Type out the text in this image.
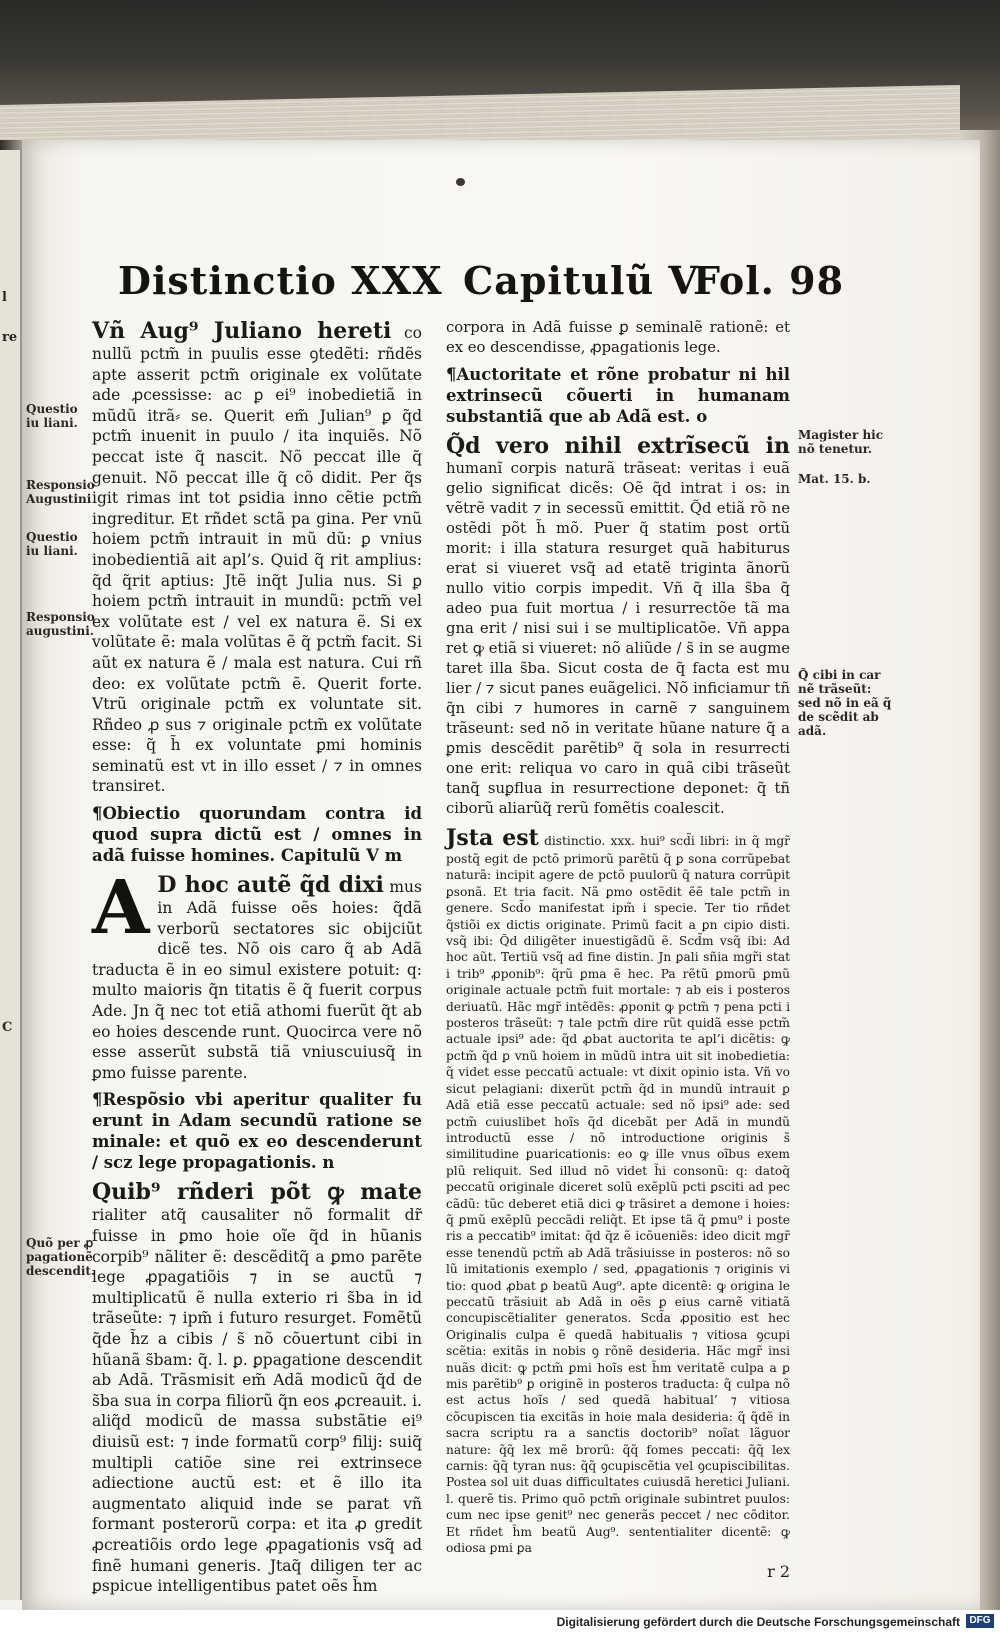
l
re
C
Distinctio XXX Capitulũ V
Fol. 98
Questio iu liani.
Responsio Augustini
Questio iu liani.
Responsio augustini.
Quõ per ꝓ pagationẽ descendit.
Magister hic nõ tenetur.
Mat. 15. b.
Q̃ cibi in car nẽ trãseũt: sed nõ in eã q̃ de scẽdit ab adã.

Vñ Aug⁹ Juliano hereti co nullũ pctm̃ in puulis esse ꝯtedẽti: rñdẽs apte asserit pctm̃ originale ex volũtate ade ꝓcessisse: ac ꝑ ei⁹ inobedietiã in mũdũ itrã⸗ se. Querit em̃ Julian⁹ ꝑ q̃d pctm̃ inuenit in puulo / ita inquiẽs. Nõ peccat iste q̃ nascit. Nõ peccat ille q̃ genuit. Nõ peccat ille q̃ cõ didit. Per q̃s igit rimas int tot ꝑsidia inno cẽtie pctm̃ ingreditur. Et rñdet sctã pa gina. Per vnũ hoiem pctm̃ intrauit in mũ dũ: ꝑ vnius inobedientiã ait apl’s. Quid q̃ rit amplius: q̃d q̃rit aptius: Jtẽ inq̃t Julia nus. Si ꝑ hoiem pctm̃ intrauit in mundũ: pctm̃ vel ex volũtate est / vel ex natura ẽ. Si ex volũtate ẽ: mala volũtas ẽ q̃ pctm̃ facit. Si aũt ex natura ẽ / mala est natura. Cui rñ deo: ex volũtate pctm̃ ẽ. Querit forte. Vtrũ originale pctm̃ ex voluntate sit. Rñdeo ꝓ sus ⁊ originale pctm̃ ex volũtate esse: q̃ h̃ ex voluntate ꝑmi hominis seminatũ est vt in illo esset / ⁊ in omnes transiret.

¶Obiectio quorundam contra id quod supra dictũ est / omnes in adã fuisse homines. Capitulũ V m

A D hoc autẽ q̃d dixi mus in Adã fuisse oẽs hoies: q̃dã verborũ sectatores sic obijciũt dicẽ tes. Nõ ois caro q̃ ab Adã traducta ẽ in eo simul existere potuit: q: multo maioris q̃n titatis ẽ q̃ fuerit corpus Ade. Jn q̃ nec tot etiã athomi fuerũt q̃t ab eo hoies descende runt. Quocirca vere nõ esse asserũt substã tiã vniuscuiusq̃ in ꝑmo fuisse parente.

¶Respõsio vbi aperitur qualiter fu erunt in Adam secundũ ratione se minale: et quõ ex eo descenderunt / scz lege propagationis. n

Quib⁹ rñderi põt ꝙ mate rialiter atq̃ causaliter nõ formalit dr̃ fuisse in ꝑmo hoie oĩe q̃d in hũanis corpib⁹ nãliter ẽ: descẽditq̃ a ꝑmo parẽte lege ꝓpagatiõis ⁊ in se auctũ ⁊ multiplicatũ ẽ nulla exterio ri s̃ba in id trãseũte: ⁊ ipm̃ i futuro resurget. Fomẽtũ q̃de h̃z a cibis / s̃ nõ cõuertunt cibi in hũanã s̃bam: q̃. l. ꝑ. ꝑpagatione descendit ab Adã. Trãsmisit em̃ Adã modicũ q̃d de s̃ba sua in corpa filiorũ q̃n eos ꝓcreauit. i. aliq̃d modicũ de massa substãtie ei⁹ diuisũ est: ⁊ inde formatũ corp⁹ filij: suiq̃ multipli catiõe sine rei extrinsece adiectione auctũ est: et ẽ illo ita augmentato aliquid inde se parat vñ formant posterorũ corpa: et ita ꝓ gredit ꝓcreatiõis ordo lege ꝓpagationis vsq̃ ad finẽ humani generis. Jtaq̃ diligen ter ac ꝑspicue intelligentibus patet oẽs h̃m

corpora in Adã fuisse ꝑ seminalẽ rationẽ: et ex eo descendisse, ꝓpagationis lege.

¶Auctoritate et rõne probatur ni hil extrinsecũ cõuerti in humanam substantiã que ab Adã est. o

Q̃d vero nihil extrĩsecũ in humanĩ corpis naturã trãseat: veritas i euã gelio significat dicẽs: Oẽ q̃d intrat i os: in vẽtrẽ vadit ⁊ in secessũ emittit. Q̃d etiã rõ ne ostẽdi põt h̃ mõ. Puer q̃ statim post ortũ morit: i illa statura resurget quã habiturus erat si viueret vsq̃ ad etatẽ triginta ãnorũ nullo vitio corpis impedit. Vñ q̃ illa s̃ba q̃ adeo pua fuit mortua / i resurrectõe tã ma gna erit / nisi sui i se multiplicatõe. Vñ appa ret ꝙ etiã si viueret: nõ aliũde / s̃ in se augme taret illa s̃ba. Sicut costa de q̃ facta est mu lier / ⁊ sicut panes euãgelici. Nõ inficiamur tñ q̃n cibi ⁊ humores in carnẽ ⁊ sanguinem trãseunt: sed nõ in veritate hũane nature q̃ a ꝑmis descẽdit parẽtib⁹ q̃ sola in resurrecti one erit: reliqua vo caro in quã cibi trãseũt tanq̃ suꝑflua in resurrectione deponet: q̃ tñ ciborũ aliarũq̃ rerũ fomẽtis coalescit.

Jsta est distinctio. xxx. hui⁹ scd̃i libri: in q̃ mgr̃ postq̃ egit de pctõ primorũ parẽtũ q̃ ꝑ sona corrũpebat naturã: incipit agere de pctõ puulorũ q̃ natura corrũpit ꝑsonã. Et tria facit. Nã ꝑmo ostẽdit ẽẽ tale pctm̃ in genere. Scd̃o manifestat ipm̃ i specie. Ter tio rñdet q̃stiõi ex dictis originate. Primũ facit a ꝑn cipio disti. vsq̃ ibi: Q̃d diligẽter inuestigãdũ ẽ. Scd̃m vsq̃ ibi: Ad hoc aũt. Tertiũ vsq̃ ad fine distin. Jn ꝑali sñia mgr̃i stat i trib⁹ ꝓponib⁹: q̃rũ ꝑma ẽ hec. Pa rẽtũ ꝑmorũ ꝑmũ originale actuale pctm̃ fuit mortale: ⁊ ab eis i posteros deriuatũ. Hãc mgr̃ intẽdẽs: ꝓponit ꝙ pctm̃ ⁊ pena pcti i posteros trãseũt: ⁊ tale pctm̃ dire rũt quidã esse pctm̃ actuale ipsi⁹ ade: q̃d ꝓbat auctorita te apl’i dicẽtis: ꝙ pctm̃ q̃d ꝑ vnũ hoiem in mũdũ intra uit sit inobedietia: q̃ videt esse peccatũ actuale: vt dixit opinio ista. Vñ vo sicut pelagiani: dixerũt pctm̃ q̃d in mundũ intrauit ꝑ Adã etiã esse peccatũ actuale: sed nõ ipsi⁹ ade: sed pctm̃ cuiuslibet hoĩs q̃d dicebãt per Adã in mundũ introductũ esse / nõ introductione originis s̃ similitudine ꝑuaricationis: eo ꝙ ille vnus oĩbus exem plũ reliquit. Sed illud nõ videt h̃i consonũ: q: datoq̃ peccatũ originale diceret solũ exẽplũ pcti ꝑsciti ad pec cãdũ: tũc deberet etiã dici ꝙ trãsiret a demone i hoies: q̃ ꝑmũ exẽplũ peccãdi reliq̃t. Et ipse tã q̃ ꝑmu⁹ i poste ris a peccatib⁹ imitat: q̃d q̃z ẽ icõueniẽs: ideo dicit mgr̃ esse tenendũ pctm̃ ab Adã trãsiuisse in posteros: nõ so lũ imitationis exemplo / sed, ꝓpagationis ⁊ originis vi tio: quod ꝓbat ꝑ beatũ Aug⁹. apte dicentẽ: ꝙ origina le peccatũ trãsiuit ab Adã in oẽs ꝑ eius carnẽ vitiatã concupiscẽtialiter generatos. Scd̃a ꝓpositio est hec Originalis culpa ẽ quedã habitualis ⁊ vitiosa ꝯcupi scẽtia: exitãs in nobis ꝯ rõnẽ desideria. Hãc mgr̃ insi nuãs dicit: ꝙ pctm̃ ꝑmi hoĩs est h̃m veritatẽ culpa a ꝑ mis parẽtib⁹ ꝑ originẽ in posteros traducta: q̃ culpa nõ est actus hoĩs / sed quedã habitual’ ⁊ vitiosa cõcupiscen tia excitãs in hoie mala desideria: q̃ q̃dẽ in sacra scriptu ra a sanctis doctorib⁹ noĩat lãguor nature: q̃q̃ lex mẽ brorũ: q̃q̃ fomes peccati: q̃q̃ lex carnis: q̃q̃ tyran nus: q̃q̃ ꝯcupiscẽtia vel ꝯcupiscibilitas. Postea sol uit duas difficultates cuiusdã heretici Juliani. l. querẽ tis. Primo quõ pctm̃ originale subintret puulos: cum nec ipse genit⁹ nec generãs peccet / nec cõditor. Et rñdet h̃m beatũ Aug⁹. sententialiter dicentẽ: ꝙ odiosa ꝑmi ꝑa

r 2

Digitalisierung gefördert durch die Deutsche Forschungsgemeinschaft DFG
